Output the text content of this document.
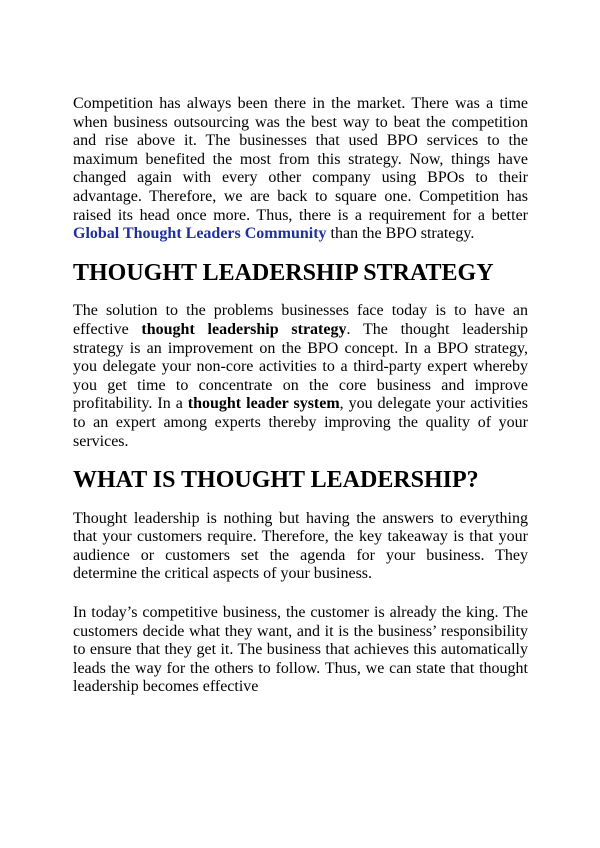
Competition has always been there in the market. There was a time when business outsourcing was the best way to beat the competition and rise above it. The businesses that used BPO services to the maximum benefited the most from this strategy. Now, things have changed again with every other company using BPOs to their advantage. Therefore, we are back to square one. Competition has raised its head once more. Thus, there is a requirement for a better Global Thought Leaders Community than the BPO strategy.

THOUGHT LEADERSHIP STRATEGY

The solution to the problems businesses face today is to have an effective thought leadership strategy. The thought leadership strategy is an improvement on the BPO concept. In a BPO strategy, you delegate your non-core activities to a third-party expert whereby you get time to concentrate on the core business and improve profitability. In a thought leader system, you delegate your activities to an expert among experts thereby improving the quality of your services.

WHAT IS THOUGHT LEADERSHIP?

Thought leadership is nothing but having the answers to everything that your customers require. Therefore, the key takeaway is that your audience or customers set the agenda for your business. They determine the critical aspects of your business.

In today’s competitive business, the customer is already the king. The customers decide what they want, and it is the business’ responsibility to ensure that they get it. The business that achieves this automatically leads the way for the others to follow. Thus, we can state that thought leadership becomes effective
